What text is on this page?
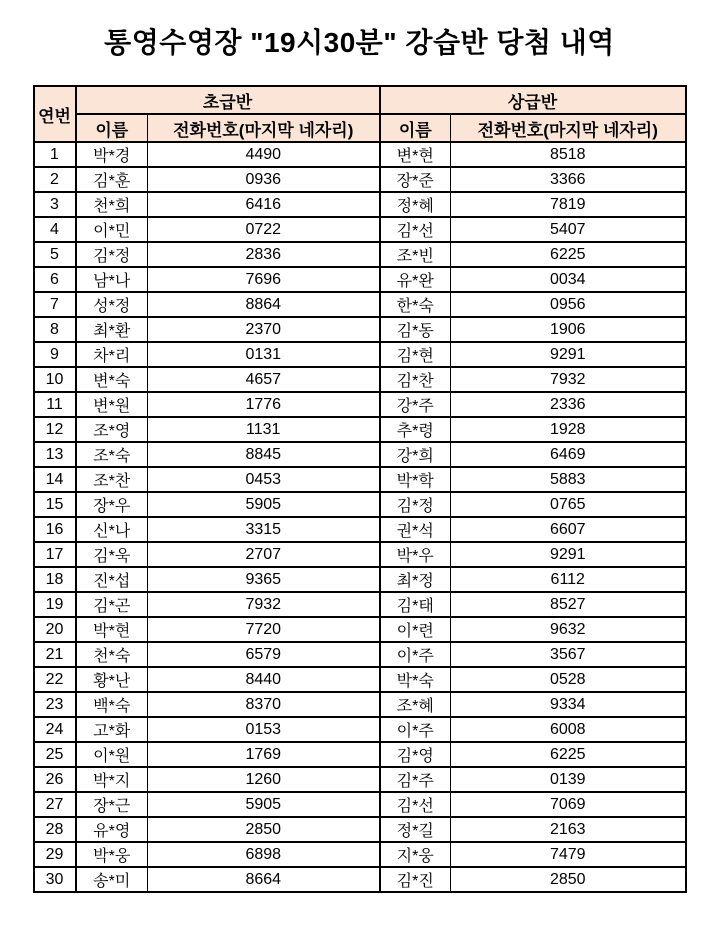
통영수영장 "19시30분" 강습반 당첨 내역
연번	초급반		상급반	
	이름	전화번호(마지막 네자리)	이름	전화번호(마지막 네자리)
1	박*경	4490	변*현	8518
2	김*훈	0936	장*준	3366
3	천*희	6416	정*혜	7819
4	이*민	0722	김*선	5407
5	김*정	2836	조*빈	6225
6	남*나	7696	유*완	0034
7	성*정	8864	한*숙	0956
8	최*환	2370	김*동	1906
9	차*리	0131	김*현	9291
10	변*숙	4657	김*찬	7932
11	변*원	1776	강*주	2336
12	조*영	1131	추*령	1928
13	조*숙	8845	강*희	6469
14	조*찬	0453	박*학	5883
15	장*우	5905	김*정	0765
16	신*나	3315	권*석	6607
17	김*욱	2707	박*우	9291
18	진*섭	9365	최*정	6112
19	김*곤	7932	김*태	8527
20	박*현	7720	이*련	9632
21	천*숙	6579	이*주	3567
22	황*난	8440	박*숙	0528
23	백*숙	8370	조*혜	9334
24	고*화	0153	이*주	6008
25	이*원	1769	김*영	6225
26	박*지	1260	김*주	0139
27	장*근	5905	김*선	7069
28	유*영	2850	정*길	2163
29	박*웅	6898	지*웅	7479
30	송*미	8664	김*진	2850
